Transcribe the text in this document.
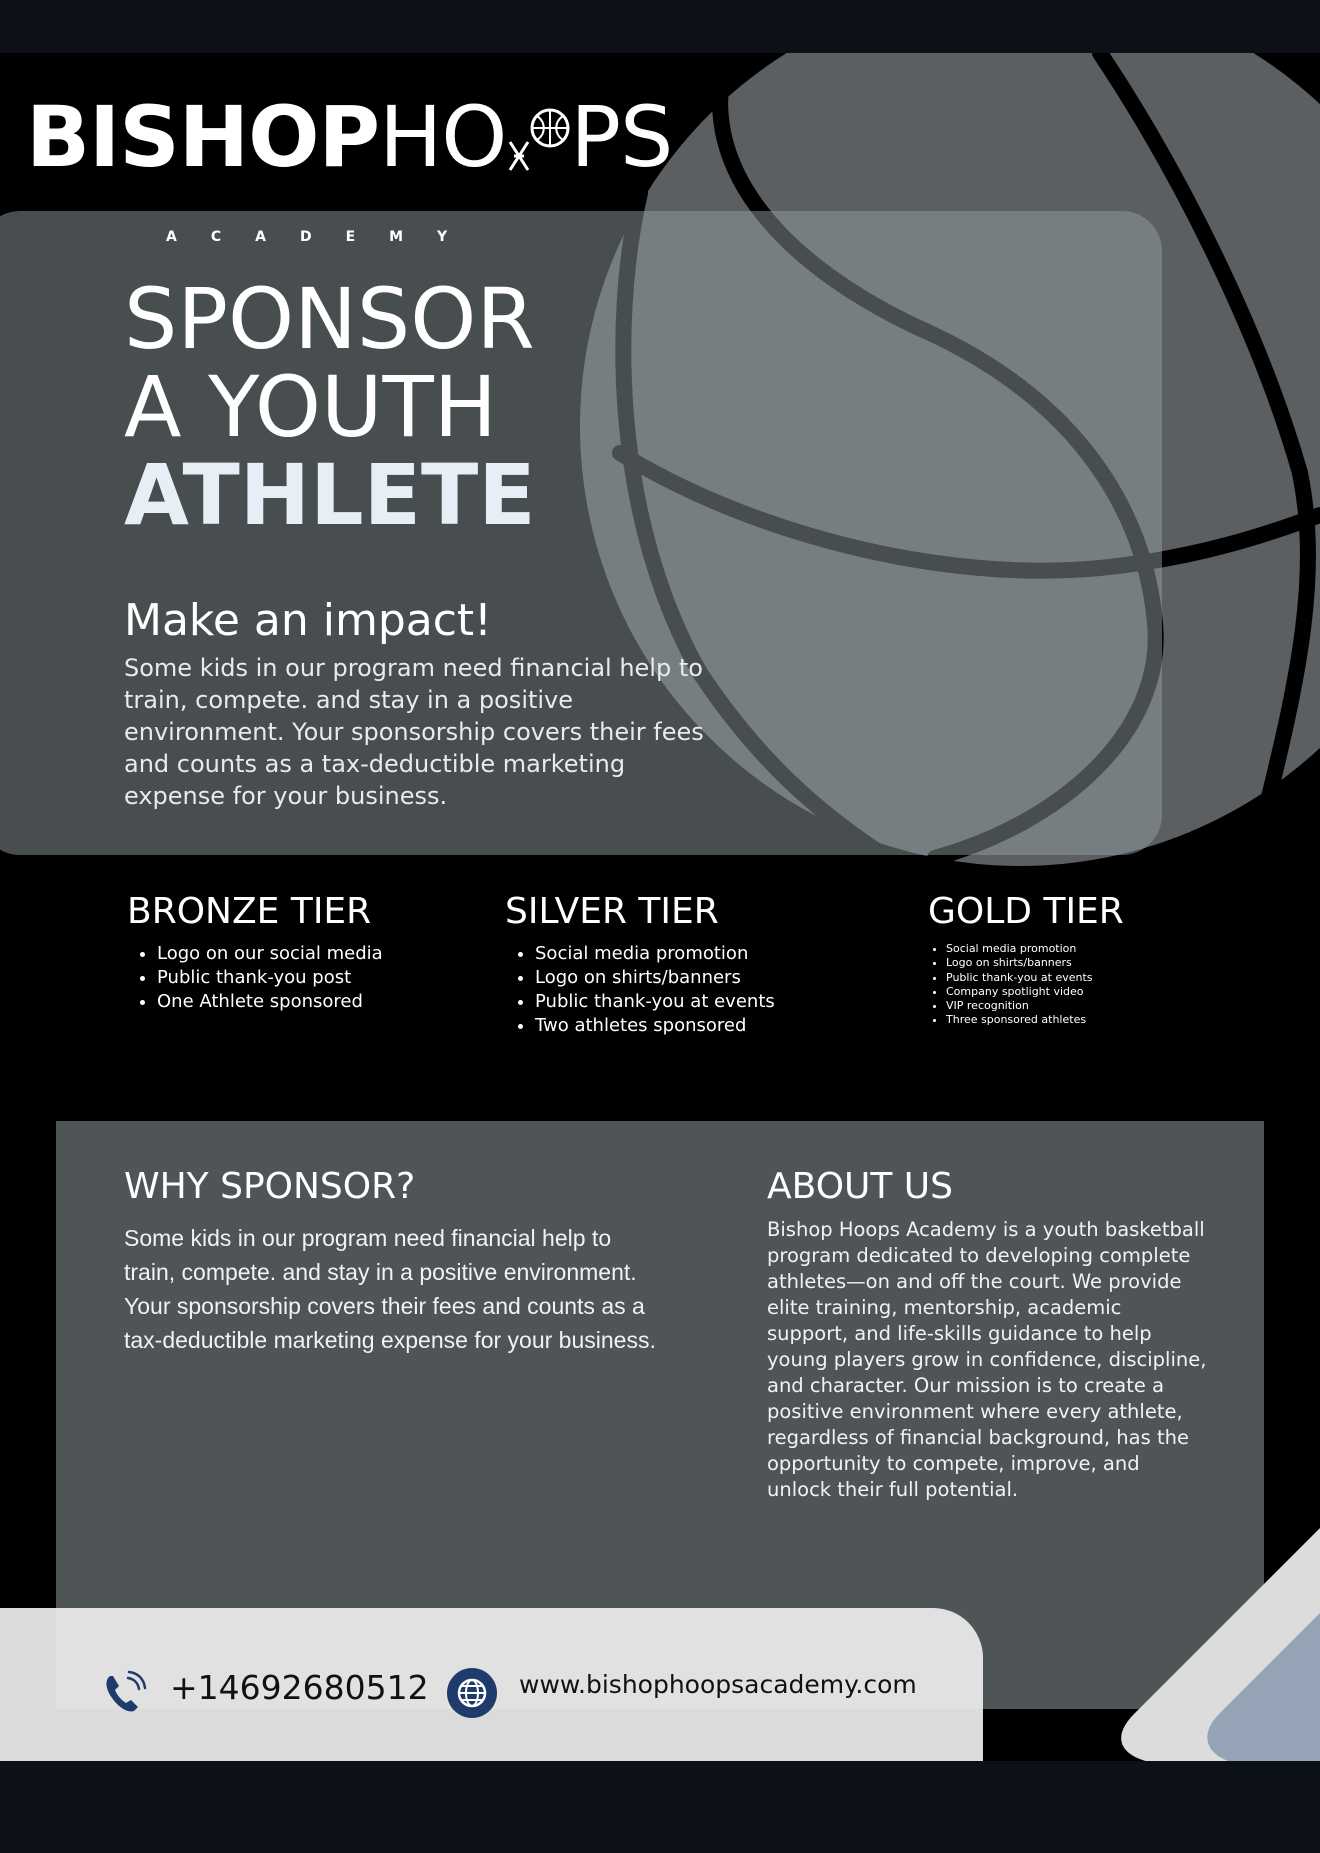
BISHOPHO PS
ACADEMY
SPONSOR
A YOUTH
ATHLETE
Make an impact!

Some kids in our program need financial help to train, compete. and stay in a positive environment. Your sponsorship covers their fees and counts as a tax-deductible marketing expense for your business.

BRONZE TIER
• Logo on our social media
• Public thank-you post
• One Athlete sponsored
SILVER TIER
• Social media promotion
• Logo on shirts/banners
• Public thank-you at events
• Two athletes sponsored
GOLD TIER
• Social media promotion
• Logo on shirts/banners
• Public thank-you at events
• Company spotlight video
• VIP recognition
• Three sponsored athletes
WHY SPONSOR?

Some kids in our program need financial help to train, compete. and stay in a positive environment. Your sponsorship covers their fees and counts as a tax-deductible marketing expense for your business.

ABOUT US

Bishop Hoops Academy is a youth basketball program dedicated to developing complete athletes—on and off the court. We provide elite training, mentorship, academic support, and life-skills guidance to help young players grow in confidence, discipline, and character. Our mission is to create a positive environment where every athlete, regardless of financial background, has the opportunity to compete, improve, and unlock their full potential.

+14692680512	www.bishophoopsacademy.com
